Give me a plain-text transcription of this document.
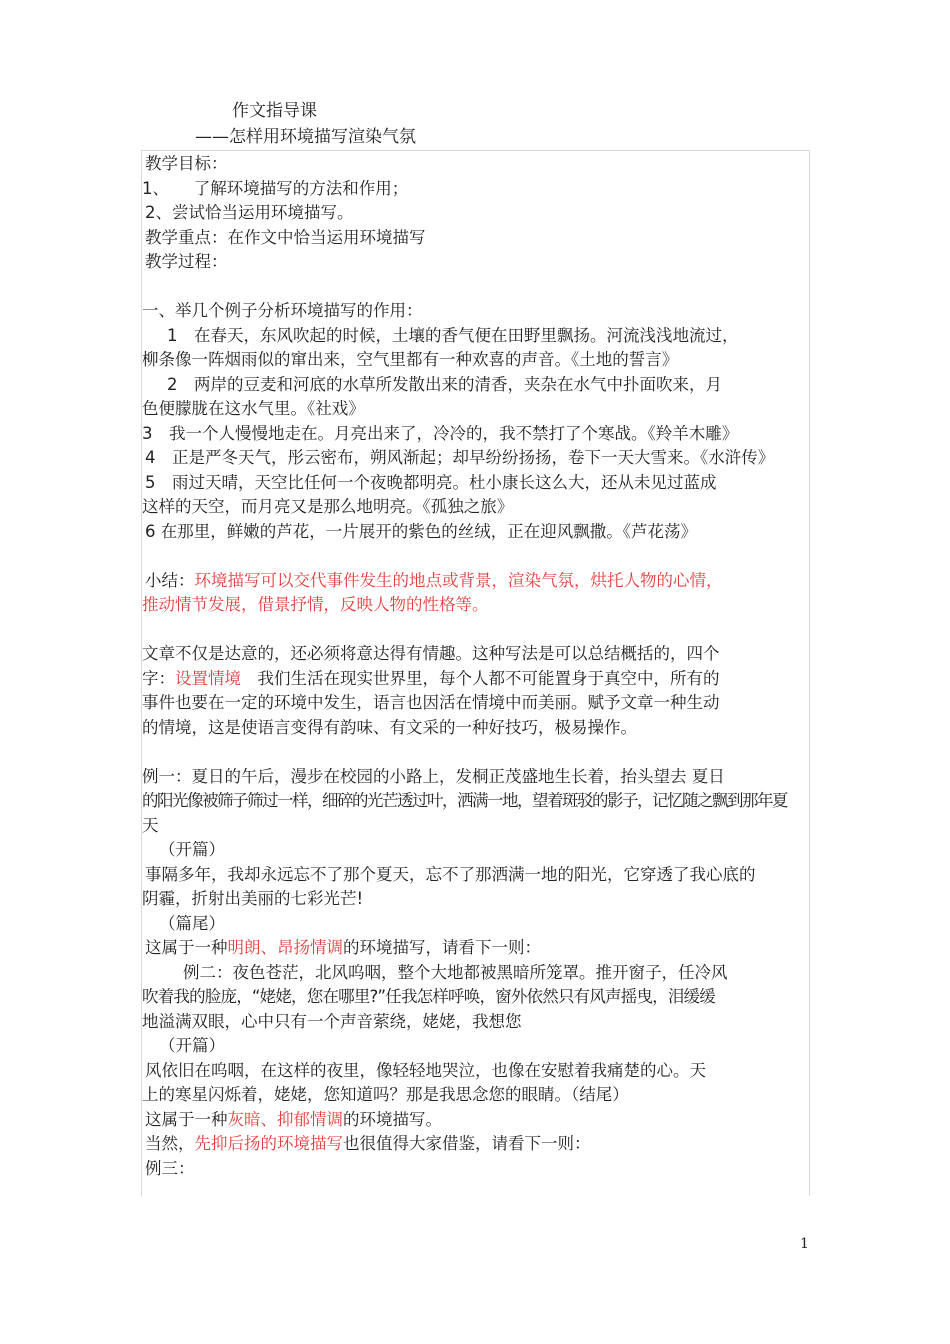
作文指导课
——怎样用环境描写渲染气氛
教学目标：
1、　　了解环境描写的方法和作用；
2、尝试恰当运用环境描写。
教学重点：在作文中恰当运用环境描写
教学过程：
一、举几个例子分析环境描写的作用：
1　在春天，东风吹起的时候，土壤的香气便在田野里飘扬。河流浅浅地流过，
柳条像一阵烟雨似的窜出来，空气里都有一种欢喜的声音。《土地的誓言》
2　两岸的豆麦和河底的水草所发散出来的清香，夹杂在水气中扑面吹来，月
色便朦胧在这水气里。《社戏》
3　我一个人慢慢地走在。月亮出来了，冷冷的，我不禁打了个寒战。《羚羊木雕》
4　正是严冬天气，彤云密布，朔风渐起；却早纷纷扬扬，卷下一天大雪来。《水浒传》
5　雨过天晴，天空比任何一个夜晚都明亮。杜小康长这么大，还从未见过蓝成
这样的天空，而月亮又是那么地明亮。《孤独之旅》
6 在那里，鲜嫩的芦花，一片展开的紫色的丝绒，正在迎风飘撒。《芦花荡》
小结：环境描写可以交代事件发生的地点或背景，渲染气氛，烘托人物的心情，
推动情节发展，借景抒情，反映人物的性格等。
文章不仅是达意的，还必须将意达得有情趣。这种写法是可以总结概括的，四个
字：设置情境　我们生活在现实世界里，每个人都不可能置身于真空中，所有的
事件也要在一定的环境中发生，语言也因活在情境中而美丽。赋予文章一种生动
的情境，这是使语言变得有韵味、有文采的一种好技巧，极易操作。
例一：夏日的午后，漫步在校园的小路上，发桐正茂盛地生长着，抬头望去 夏日
的阳光像被筛子筛过一样，细碎的光芒透过叶，洒满一地，望着斑驳的影子，记忆随之飘到那年夏
天
（开篇）
事隔多年，我却永远忘不了那个夏天，忘不了那洒满一地的阳光，它穿透了我心底的
阴霾，折射出美丽的七彩光芒!
（篇尾）
这属于一种明朗、昂扬情调的环境描写，请看下一则：
例二：夜色苍茫，北风呜咽，整个大地都被黑暗所笼罩。推开窗子，任冷风
吹着我的脸庞，“姥姥，您在哪里?”任我怎样呼唤，窗外依然只有风声摇曳，泪缓缓
地溢满双眼，心中只有一个声音萦绕，姥姥，我想您
（开篇）
风依旧在呜咽，在这样的夜里，像轻轻地哭泣，也像在安慰着我痛楚的心。天
上的寒星闪烁着，姥姥，您知道吗？那是我思念您的眼睛。（结尾）
这属于一种灰暗、抑郁情调的环境描写。
当然，先抑后扬的环境描写也很值得大家借鉴，请看下一则：
例三：
1
